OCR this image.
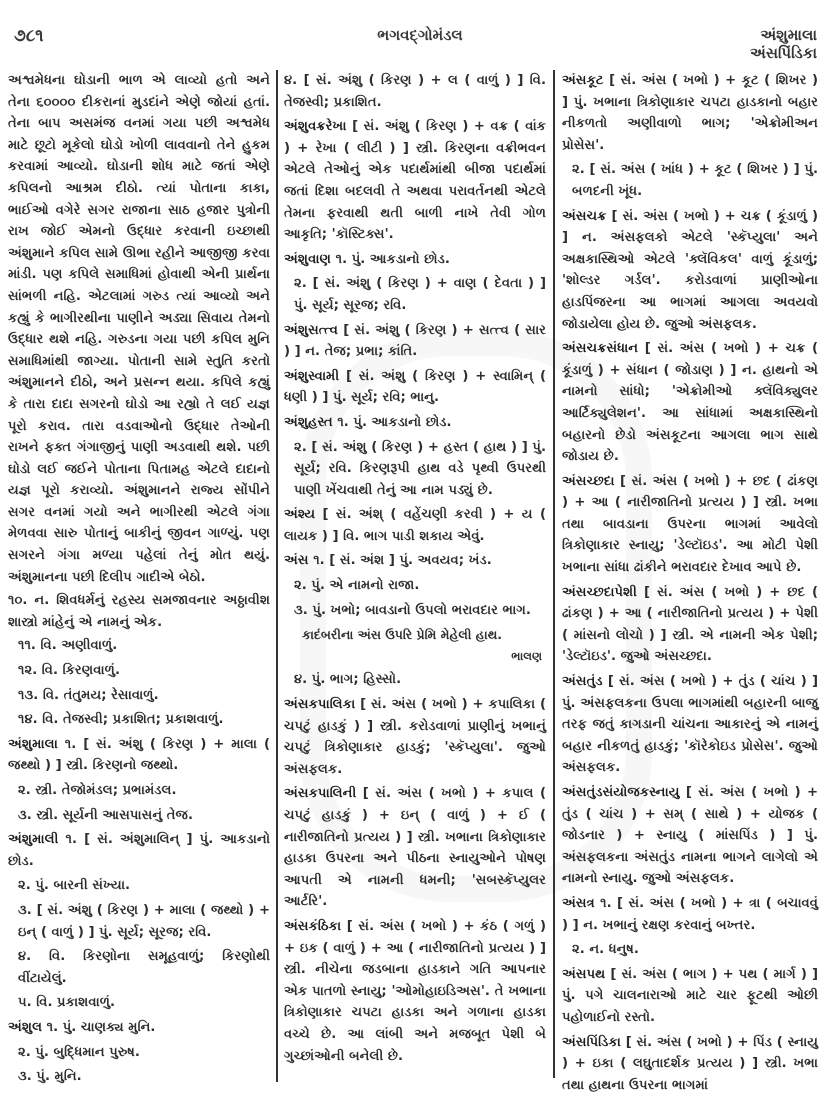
૭૮૧	ભગવદ્ગોમંડલ	અંશુમાલા
અંસપિંડિકા
અશ્વમેધના ઘોડાની ભાળ એ લાવ્યો હતો અને તેના ૬૦૦૦૦ દીકરાનાં મુડદાંને એણે જોયાં હતાં. તેના બાપ અસમંજ વનમાં ગયા પછી અશ્વમેધ માટે છૂટો મૂકેલો ઘોડો ખોળી લાવવાનો તેને હુકમ કરવામાં આવ્યો. ઘોડાની શોધ માટે જતાં એણે કપિલનો આશ્રમ દીઠો. ત્યાં પોતાના કાકા, ભાઈઓ વગેરે સગર રાજાના સાઠ હજાર પુત્રોની રાખ જોઈ એમનો ઉદ્ધાર કરવાની ઇચ્છાથી અંશુમાને કપિલ સામે ઊભા રહીને આજીજી કરવા માંડી. પણ કપિલે સમાધિમાં હોવાથી એની પ્રાર્થના સાંભળી નહિ. એટલામાં ગરુડ ત્યાં આવ્યો અને કહ્યું કે ભાગીરથીના પાણીને અડ્યા સિવાય તેમનો ઉદ્ધાર થશે નહિ. ગરુડના ગયા પછી કપિલ મુનિ સમાધિમાંથી જાગ્યા. પોતાની સામે સ્તુતિ કરતો અંશુમાનને દીઠો, અને પ્રસન્ન થયા. કપિલે કહ્યું કે તારા દાદા સગરનો ઘોડો આ રહ્યો તે લઈ યજ્ઞ પૂરો કરાવ. તારા વડવાઓનો ઉદ્ધાર તેઓની રાખને ફક્ત ગંગાજીનું પાણી અડવાથી થશે. પછી ઘોડો લઈ જઈને પોતાના પિતામહ એટલે દાદાનો યજ્ઞ પૂરો કરાવ્યો. અંશુમાનને રાજ્ય સોંપીને સગર વનમાં ગયો અને ભાગીરથી એટલે ગંગા મેળવવા સારુ પોતાનું બાકીનું જીવન ગાળ્યું. પણ સગરને ગંગા મળ્યા પહેલાં તેનું મોત થયું. અંશુમાનના પછી દિલીપ ગાદીએ બેઠો.
૧૦. ન. શિવધર્મનું રહસ્ય સમજાવનાર અઠ્ઠાવીશ શાસ્ત્રો માંહેનું એ નામનું એક.
૧૧. વિ. અણીવાળું.
૧૨. વિ. કિરણવાળું.
૧૩. વિ. તંતુમય; રેસાવાળું.
૧૪. વિ. તેજસ્વી; પ્રકાશિત; પ્રકાશવાળું.
અંશુમાલા ૧. [ સં. અંશુ ( કિરણ ) + માલા ( જથ્થો ) ] સ્ત્રી. કિરણનો જથ્થો.
૨. સ્ત્રી. તેજોમંડલ; પ્રભામંડલ.
૩. સ્ત્રી. સૂર્યની આસપાસનું તેજ.
અંશુમાલી ૧. [ સં. અંશુમાલિન્ ] પું. આકડાનો છોડ.
૨. પું. બારની સંખ્યા.
૩. [ સં. અંશુ ( કિરણ ) + માલા ( જથ્થો ) + ઇન્ ( વાળું ) ] પું. સૂર્ય; સૂરજ; રવિ.
૪. વિ. કિરણોના સમૂહવાળું; કિરણોથી વીંટાયેલું.
૫. વિ. પ્રકાશવાળું.
અંશુલ ૧. પું. ચાણક્ય મુનિ.
૨. પું. બુદ્ધિમાન પુરુષ.
૩. પું. મુનિ.
૪. [ સં. અંશુ ( કિરણ ) + લ ( વાળું ) ] વિ. તેજસ્વી; પ્રકાશિત.
અંશુવક્રરેખા [ સં. અંશુ ( કિરણ ) + વક્ર ( વાંક ) + રેખા ( લીટી ) ] સ્ત્રી. કિરણના વક્રીભવન એટલે તેઓનું એક પદાર્થમાંથી બીજા પદાર્થમાં જતાં દિશા બદલવી તે અથવા પરાવર્તનથી એટલે તેમના ફરવાથી થતી બાળી નાખે તેવી ગોળ આકૃતિ; 'કૉસ્ટિક્સ'.
અંશુવાણ ૧. પું. આકડાનો છોડ.
૨. [ સં. અંશુ ( કિરણ ) + વાણ ( દેવતા ) ] પું. સૂર્ય; સૂરજ; રવિ.
અંશુસત્ત્વ [ સં. અંશુ ( કિરણ ) + સત્ત્વ ( સાર ) ] ન. તેજ; પ્રભા; કાંતિ.
અંશુસ્વામી [ સં. અંશુ ( કિરણ ) + સ્વામિન્ ( ધણી ) ] પું. સૂર્ય; રવિ; ભાનુ.
અંશુહસ્ત ૧. પું. આકડાનો છોડ.
૨. [ સં. અંશુ ( કિરણ ) + હસ્ત ( હાથ ) ] પું. સૂર્ય; રવિ. કિરણરૂપી હાથ વડે પૃથ્વી ઉપરથી પાણી ખેંચવાથી તેનું આ નામ પડ્યું છે.
અંશ્ય [ સં. અંશ્ ( વહેંચણી કરવી ) + ય ( લાયક ) ] વિ. ભાગ પાડી શકાય એવું.
અંસ ૧. [ સં. અંશ ] પું. અવયવ; ખંડ.
૨. પું. એ નામનો રાજા.
૩. પું. ખભો; બાવડાનો ઉપલો ભરાવદાર ભાગ.
કાદંબરીના અંસ ઉપરિ પ્રેમિ મેહેલી હાથ.
ભાલણ
૪. પું. ભાગ; હિસ્સો.
અંસકપાલિકા [ સં. અંસ ( ખભો ) + કપાલિકા ( ચપટું હાડકું ) ] સ્ત્રી. કરોડવાળાં પ્રાણીનું ખભાનું ચપટું ત્રિકોણાકાર હાડકું; 'સ્કૅપ્યુલા'. જુઓ અંસફલક.
અંસકપાલિની [ સં. અંસ ( ખભો ) + કપાલ ( ચપટું હાડકું ) + ઇન્ ( વાળું ) + ઈ ( નારીજાતિનો પ્રત્યય ) ] સ્ત્રી. ખભાના ત્રિકોણાકાર હાડકા ઉપરના અને પીઠના સ્નાયુઓને પોષણ આપતી એ નામની ધમની; 'સબસ્કૅપ્યુલર આર્ટરિ'.
અંસકંઠિકા [ સં. અંસ ( ખભો ) + કંઠ ( ગળું ) + ઇક ( વાળું ) + આ ( નારીજાતિનો પ્રત્યય ) ] સ્ત્રી. નીચેના જડબાના હાડકાને ગતિ આપનાર એક પાતળો સ્નાયુ; 'ઓમોહાઇડિઅસ'. તે ખભાના ત્રિકોણાકાર ચપટા હાડકા અને ગળાના હાડકા વચ્ચે છે. આ લાંબી અને મજબૂત પેશી બે ગુચ્છાંઓની બનેલી છે.
અંસકૂટ [ સં. અંસ ( ખભો ) + કૂટ ( શિખર ) ] પું. ખભાના ત્રિકોણાકાર ચપટા હાડકાનો બહાર નીકળતો અણીવાળો ભાગ; 'એક્રોમીઅન પ્રોસેસ'.
૨. [ સં. અંસ ( ખાંધ ) + કૂટ ( શિખર ) ] પું. બળદની ખૂંધ.
અંસચક્ર [ સં. અંસ ( ખભો ) + ચક્ર ( કૂંડાળું ) ] ન. અંસફલકો એટલે 'સ્કૅપ્યુલા' અને અક્ષકાસ્થિઓ એટલે 'ક્લૅવિકલ' વાળું કૂંડાળું; 'શોલ્ડર ગર્ડલ'. કરોડવાળાં પ્રાણીઓના હાડપિંજરના આ ભાગમાં આગલા અવયવો જોડાયેલા હોય છે. જુઓ અંસફલક.
અંસચક્રસંધાન [ સં. અંસ ( ખભો ) + ચક્ર ( કૂંડાળું ) + સંધાન ( જોડાણ ) ] ન. હાથનો એ નામનો સાંધો; 'એક્રોમીઓ ક્લૅવિક્યુલર આર્ટિક્યુલેશન'. આ સાંધામાં અક્ષકાસ્થિનો બહારનો છેડો અંસકૂટના આગલા ભાગ સાથે જોડાય છે.
અંસચ્છદા [ સં. અંસ ( ખભો ) + છદ ( ઢાંકણ ) + આ ( નારીજાતિનો પ્રત્યય ) ] સ્ત્રી. ખભા તથા બાવડાના ઉપરના ભાગમાં આવેલો ત્રિકોણાકાર સ્નાયુ; 'ડેલ્ટૉઇડ'. આ મોટી પેશી ખભાના સાંધા ઢાંકીને ભરાવદાર દેખાવ આપે છે.
અંસચ્છદાપેશી [ સં. અંસ ( ખભો ) + છદ ( ઢાંકણ ) + આ ( નારીજાતિનો પ્રત્યય ) + પેશી ( માંસનો લોચો ) ] સ્ત્રી. એ નામની એક પેશી; 'ડેલ્ટૉઇડ'. જુઓ અંસચ્છદા.
અંસતુંડ [ સં. અંસ ( ખભો ) + તુંડ ( ચાંચ ) ] પું. અંસફલકના ઉપલા ભાગમાંથી બહારની બાજુ તરફ જતું કાગડાની ચાંચના આકારનું એ નામનું બહાર નીકળતું હાડકું; 'કૉરેકોઇડ પ્રોસેસ'. જુઓ અંસફલક.
અંસતુંડસંયોજકસ્નાયુ [ સં. અંસ ( ખભો ) + તુંડ ( ચાંચ ) + સમ્ ( સાથે ) + યોજક ( જોડનાર ) + સ્નાયુ ( માંસપિંડ ) ] પું. અંસફલકના અંસતુંડ નામના ભાગને લાગેલો એ નામનો સ્નાયુ. જુઓ અંસફલક.
અંસત્ર ૧. [ સં. અંસ ( ખભો ) + ત્રા ( બચાવવું ) ] ન. ખભાનું રક્ષણ કરવાનું બખ્તર.
૨. ન. ધનુષ.
અંસપથ [ સં. અંસ ( ભાગ ) + પથ ( માર્ગ ) ] પું. પગે ચાલનારાઓ માટે ચાર ફૂટથી ઓછી પહોળાઈનો રસ્તો.
અંસપિંડિકા [ સં. અંસ ( ખભો ) + પિંડ ( સ્નાયુ ) + ઇકા ( લઘુતાદર્શક પ્રત્યય ) ] સ્ત્રી. ખભા તથા હાથના ઉપરના ભાગમાં
